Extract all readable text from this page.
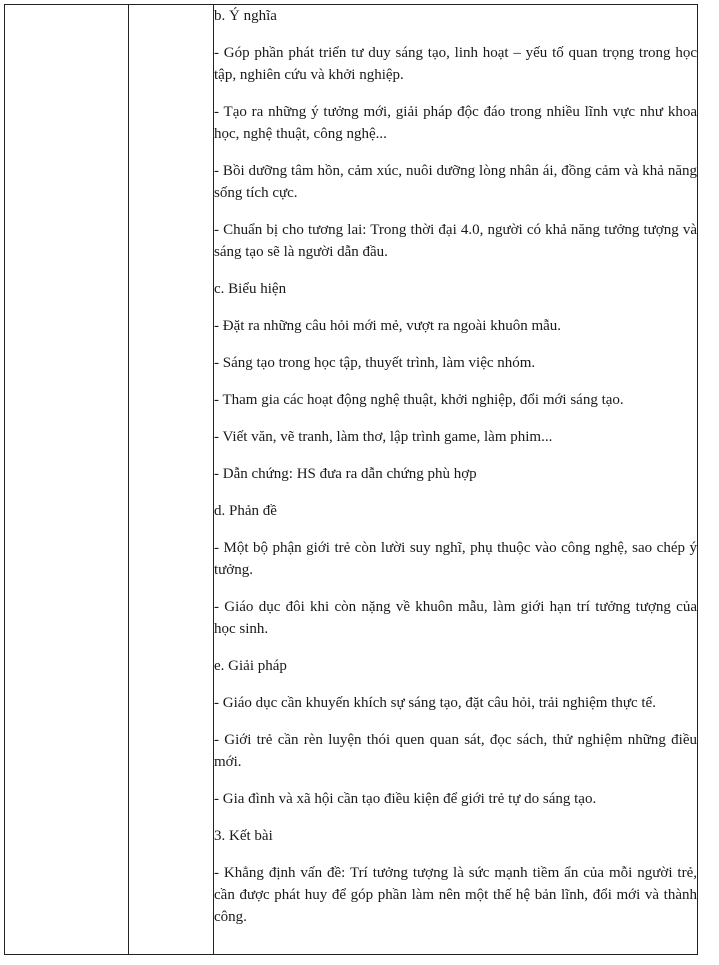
b. Ý nghĩa

- Góp phần phát triển tư duy sáng tạo, linh hoạt – yếu tố quan trọng trong học tập, nghiên cứu và khởi nghiệp.

- Tạo ra những ý tưởng mới, giải pháp độc đáo trong nhiều lĩnh vực như khoa học, nghệ thuật, công nghệ...

- Bồi dưỡng tâm hồn, cảm xúc, nuôi dưỡng lòng nhân ái, đồng cảm và khả năng sống tích cực.

- Chuẩn bị cho tương lai: Trong thời đại 4.0, người có khả năng tưởng tượng và sáng tạo sẽ là người dẫn đầu.

c. Biểu hiện

- Đặt ra những câu hỏi mới mẻ, vượt ra ngoài khuôn mẫu.

- Sáng tạo trong học tập, thuyết trình, làm việc nhóm.

- Tham gia các hoạt động nghệ thuật, khởi nghiệp, đổi mới sáng tạo.

- Viết văn, vẽ tranh, làm thơ, lập trình game, làm phim...

- Dẫn chứng: HS đưa ra dẫn chứng phù hợp

d. Phản đề

- Một bộ phận giới trẻ còn lười suy nghĩ, phụ thuộc vào công nghệ, sao chép ý tưởng.

- Giáo dục đôi khi còn nặng về khuôn mẫu, làm giới hạn trí tưởng tượng của học sinh.

e. Giải pháp

- Giáo dục cần khuyến khích sự sáng tạo, đặt câu hỏi, trải nghiệm thực tế.

- Giới trẻ cần rèn luyện thói quen quan sát, đọc sách, thử nghiệm những điều mới.

- Gia đình và xã hội cần tạo điều kiện để giới trẻ tự do sáng tạo.

3. Kết bài

- Khẳng định vấn đề: Trí tưởng tượng là sức mạnh tiềm ẩn của mỗi người trẻ, cần được phát huy để góp phần làm nên một thế hệ bản lĩnh, đổi mới và thành công.
